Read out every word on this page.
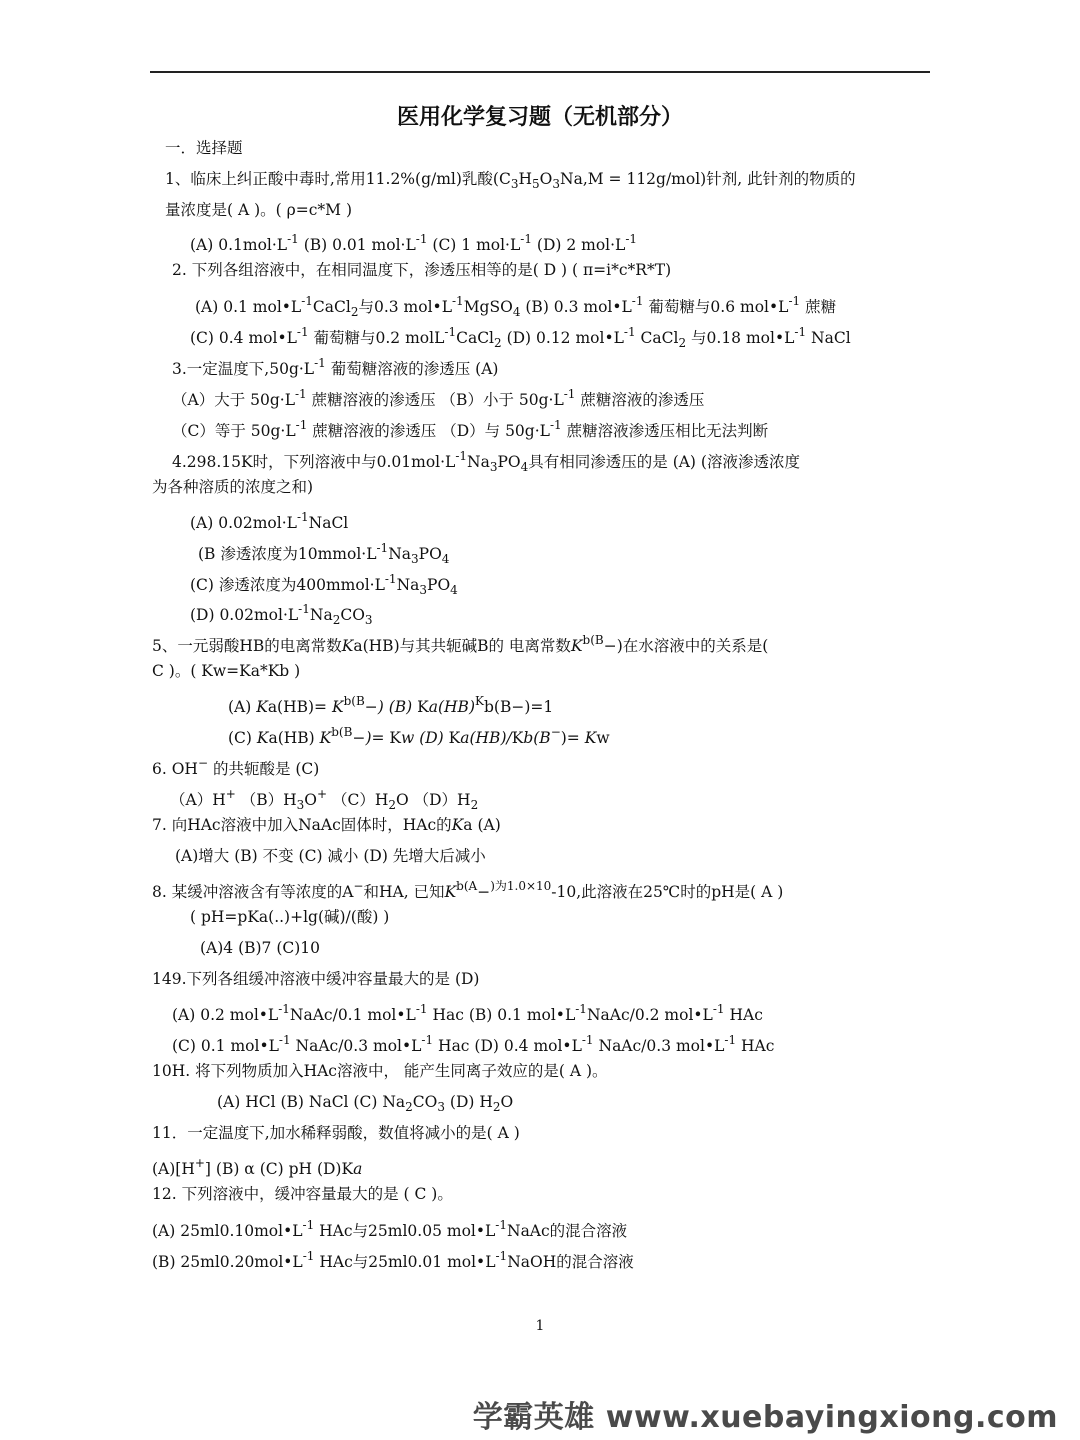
医用化学复习题（无机部分）
一．选择题
1、临床上纠正酸中毒时,常用11.2%(g/ml)乳酸$(C_3H_5O_3Na,M = 112g/mol)$针剂, 此针剂的物质的
量浓度是( A )。( ρ=c*M )
(A) $0.1mol\cdot L^{-1}$ (B) 0.01 $mol\cdot L^{-1}$ (C) 1 $mol\cdot L^{-1}$ (D) 2 $mol\cdot L^{-1}$
2. 下列各组溶液中，在相同温度下，渗透压相等的是( D ) ( π=i*c*R*T)
(A) 0.1 $mol•L^{-1}CaCl_2$与0.3 $mol•L^{-1}MgSO_4$ (B) 0.3 $mol•L^{-1}$ 葡萄糖与0.6 $mol•L^{-1}$ 蔗糖
(C) 0.4 $mol•L^{-1}$ 葡萄糖与0.2 molL$^{-1}$CaCl$_2$ (D) 0.12 $mol•L^{-1}$ CaCl$_2$ 与0.18 $mol•L^{-1}$ NaCl
3.一定温度下$,50g\cdot L^{-1}$ 葡萄糖溶液的渗透压 (A)
（A）大于 $50g\cdot L^{-1}$ 蔗糖溶液的渗透压 （B）小于 $50g\cdot L^{-1}$ 蔗糖溶液的渗透压
（C）等于 $50g\cdot L^{-1}$ 蔗糖溶液的渗透压 （D）与 $50g\cdot L^{-1}$ 蔗糖溶液渗透压相比无法判断
4.298.15K时，下列溶液中与$0.01mol\cdot L^{-1}Na_3PO_4$具有相同渗透压的是 (A) (溶液渗透浓度
为各种溶质的浓度之和)
(A) $0.02mol\cdot L^{-1}NaCl$
(B 渗透浓度为$10mmol\cdot L^{-1}Na_3PO_4$
(C) 渗透浓度为$400mmol\cdot L^{-1}Na_3PO_4$
(D) $0.02mol\cdot L^{-1}Na_2CO_3$
5、一元弱酸HB的电离常数Ka(HB)与其共轭碱B的 电离常数$K^{b(B}-$)在水溶液中的关系是(
C )。( Kw=Ka*Kb )
(A) $Ka(HB)= K^{b(B}-$) (B) Ka(HB)$^K$b(B−)=1
(C) Ka(HB) $K^{b(B}-)= Kw$ (D) Ka(HB)/Kb(B−)= Kw
6. OH− 的共轭酸是 (C)
（A）H+ $(B)H_3O^+$ $(C)H_2O$ $(D)H_2$
7. 向HAc溶液中加入NaAc固体时，HAc的Ka (A)
(A)增大 (B) 不变 (C) 减小 (D) 先增大后减小
8. 某缓冲溶液含有等浓度的A−和HA, 已知$K^{b(A}-^{)为1.0\times 10}-10$,此溶液在25℃时的pH是( A )
( pH=pKa(..)+lg(碱)/(酸) )
(A)4 (B)7 (C)10
149.下列各组缓冲溶液中缓冲容量最大的是 (D)
(A) 0.2 $mol•L^{-1}NaAc/0.1$ $mol•L^{-1}$ Hac (B) 0.1 $mol•L^{-1}NaAc/0.2$ $mol•L^{-1}$ HAc
(C) 0.1 $mol•L^{-1}$ NaAc/0.3 $mol•L^{-1}$ Hac (D) 0.4 $mol•L^{-1}$ NaAc/0.3 $mol•L^{-1}$ HAc
10H. 将下列物质加入HAc溶液中， 能产生同离子效应的是( A )。
(A) HCl (B) NaCl (C) $Na_2CO_3$ (D) $H_2O$
11．一定温度下,加水稀释弱酸，数值将减小的是( A )
(A)[H+] (B) α (C) pH (D)Ka
12. 下列溶液中，缓冲容量最大的是 ( C )。
(A) $25ml0.10mol•L^{-1}$ HAc与25ml0.05 $mol•L^{-1}NaAc$的混合溶液
(B) $25ml0.20mol•L^{-1}$ HAc与25ml0.01 $mol•L^{-1}NaOH$的混合溶液
1
学霸英雄 www.xuebayingxiong.com
